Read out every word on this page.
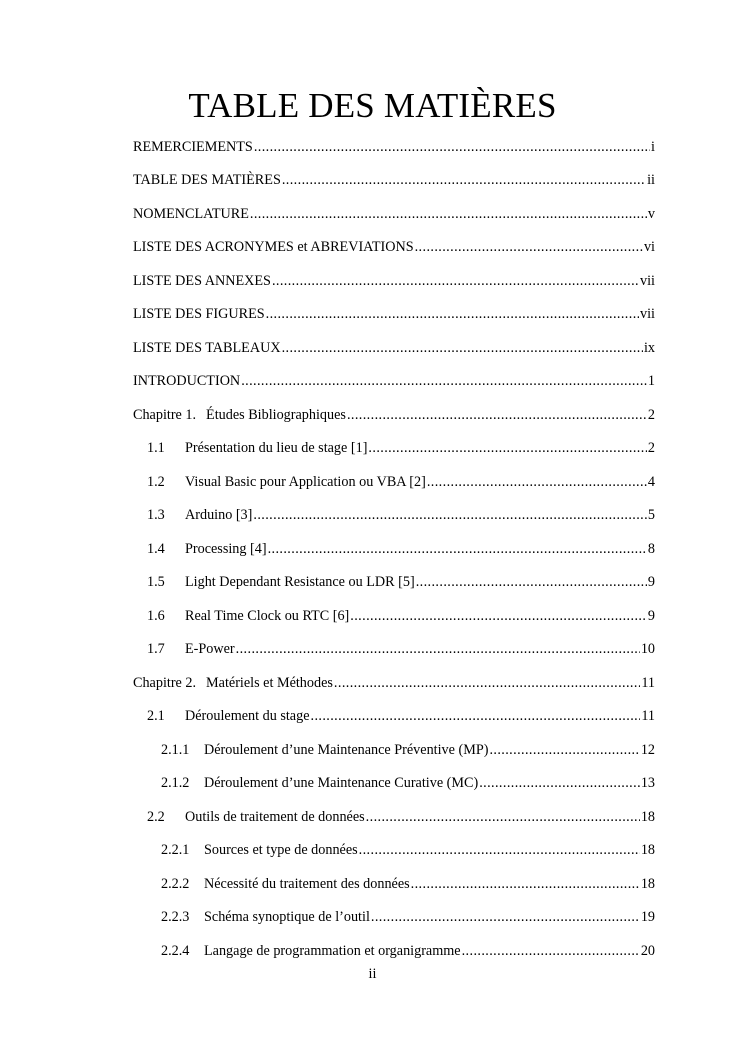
TABLE DES MATIÈRES
REMERCIEMENTS .....	i
TABLE DES MATIÈRES .....	ii
NOMENCLATURE .....	v
LISTE DES ACRONYMES et ABREVIATIONS .....	vi
LISTE DES ANNEXES .....	vii
LISTE DES FIGURES .....	vii
LISTE DES TABLEAUX .....	ix
INTRODUCTION .....	1
Chapitre 1. Études Bibliographiques .....	2
1.1	Présentation du lieu de stage [1] .....	2
1.2	Visual Basic pour Application ou VBA [2] .....	4
1.3	Arduino [3] .....	5
1.4	Processing [4] .....	8
1.5	Light Dependant Resistance ou LDR [5] .....	9
1.6	Real Time Clock ou RTC [6] .....	9
1.7	E-Power .....	10
Chapitre 2. Matériels et Méthodes .....	11
2.1	Déroulement du stage .....	11
2.1.1	Déroulement d’une Maintenance Préventive (MP) .....	12
2.1.2	Déroulement d’une Maintenance Curative (MC) .....	13
2.2	Outils de traitement de données .....	18
2.2.1	Sources et type de données .....	18
2.2.2	Nécessité du traitement des données .....	18
2.2.3	Schéma synoptique de l’outil .....	19
2.2.4	Langage de programmation et organigramme .....	20
ii
